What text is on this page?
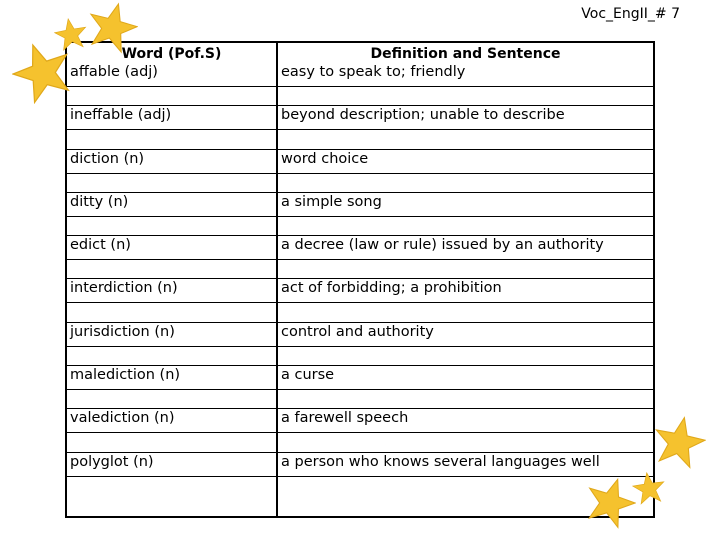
Voc_EngII_# 7
Word (Pof.S)
affable (adj)
ineffable (adj)
diction (n)
ditty (n)
edict (n)
interdiction (n)
jurisdiction (n)
malediction (n)
valediction (n)
polyglot (n)
Definition and Sentence
easy to speak to; friendly
beyond description; unable to describe
word choice
a simple song
a decree (law or rule) issued by an authority
act of forbidding; a prohibition
control and authority
a curse
a farewell speech
a person who knows several languages well
